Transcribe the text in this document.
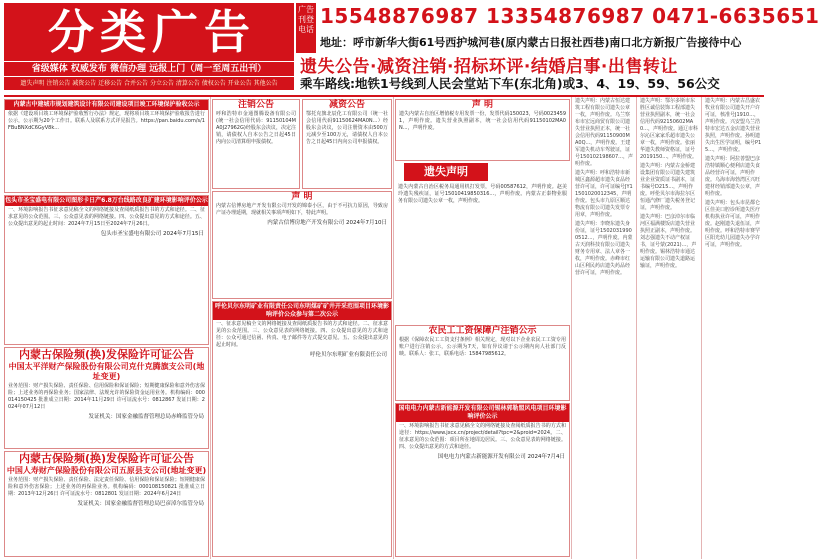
分类广告
省级媒体 权威发布 微信办理 远报上门（周一至周五出刊）
遗失声明 注销公告 减资公告 迁移公告 合并公告 分立公告 清算公告 债权公告 开业公告 其他公告
广告刊登电话
15548876987 13354876987 0471-6635651
地址：呼市新华大街61号西护城河巷(原内蒙古日报社西巷)南口北方新报广告接待中心
遗失公告·减资注销·招标环评·结婚启事·出售转让
乘车路线:地铁1号线到人民会堂站下车(东北角)或3、4、19、59、56公交
内蒙古中建城市规划建筑设计有限公司建设项目竣工环境保护验收公示
依据《建设项目竣工环境保护验收暂行办法》规定，现将项目竣工环境保护验收报告进行公示，公示期为20个工作日。联系人及联系方式详见报告。https://pan.baidu.com/s/1FBuBNXdC6GyV8k...
包头市圣宝盛电有限公司图形卡日产6.8万台线路改良扩建环境影响评价公示
一、环境影响报告书征求意见稿全文的网络链接及查阅纸质报告书的方式和途径。二、征求意见的公众范围。三、公众意见表的网络链接。四、公众提出意见的方式和途径。五、公众提出意见的起止时间：2024年7月15日至2024年7月26日。
包头市圣宝盛电有限公司 2024年7月15日
内蒙古保险频(换)发保险许可证公告
中国太平洋财产保险股份有限公司克什克腾旗支公司(地址变更)
业务范围：财产损失保险、责任保险、信用保险和保证保险；短期健康保险和意外伤害保险；上述业务的再保险业务；国家法律、法规允许的保险资金运用业务。机构编码：000014150425 批准成立日期：2014年11月29日 许可证流水号：0812867 发证日期：2024年07月12日
发证机关：国家金融监督管理总局赤峰监管分局
内蒙古保险频(换)发保险许可证公告
中国人寿财产保险股份有限公司五原县支公司(地址变更)
业务范围：财产损失保险、责任保险、法定责任保险、信用保险和保证保险；短期健康保险和意外伤害保险；上述业务的再保险业务。机构编码：000108150821 批准成立日期：2013年12月26日 许可证流水号：0812801 发证日期：2024年6月24日
发证机关：国家金融监督管理总局巴彦淖尔监管分局
注销公告
呼和浩特市金通图腾设备有限公司(统一社会信用代码：91150104MA0J27962G)经股东会决议，决定注销，请债权人自本公告之日起45日内向公司清算组申报债权。
减资公告
鄂托克旗北辰化工有限公司（统一社会信用代码91150624MA0N...）经股东会决议，公司注册资本由500万元减少至100万元，请债权人自本公告之日起45日内向公司申报债权。
声 明
内蒙古信博房地产开发有限公司开发的锦泰小区，由于不可抗力原因，导致房产证办理延期，现就相关事项声明如下，特此声明。
内蒙古信博房地产开发有限公司 2024年7月10日
呼伦贝尔东明矿业有限责任公司东明煤矿矿井开采范围项目环境影响评价公众参与第二次公示
一、征求意见稿全文的网络链接及查阅纸质报告书的方式和途径。二、征求意见的公众范围。三、公众意见表的网络链接。四、公众提出意见的方式和途径：公众可通过信函、传真、电子邮件等方式提交意见。五、公众提出意见的起止时间。
呼伦贝尔东明矿业有限责任公司
声 明
遗失内蒙古自治区增值税专用发票一份，发票代码150023，号码00234591，声明作废。遗失营业执照副本，统一社会信用代码91150102MA0N...，声明作废。
遗失内蒙古自治区税务局通用机打发票，号码00587612，声明作废。赵美玲遗失残疾证，证号15010419850316...，声明作废。内蒙古正泰物业服务有限公司遗失公章一枚，声明作废。
农民工工资保障户注销公示
根据《保障农民工工资支付条例》相关规定，现对以下企业农民工工资专用账户进行注销公示，公示期为7天，如有异议请于公示期内向人社部门反映。联系人：张工，联系电话：15847985612。
国电电力内蒙古新能源开发有限公司锡林郭勒盟风电项目环境影响评价公示
一、环境影响报告书征求意见稿全文的网络链接及查阅纸质报告书的方式和途径：https://www.jxcx.cn/project/detail?tpc=2&proid=2024。二、征求意见的公众范围：项目所在地周边居民。三、公众意见表的网络链接。四、公众提出意见的方式和途径。
国电电力内蒙古新能源开发有限公司 2024年7月4日
遗失声明
遗失声明：内蒙古恒达建筑工程有限公司遗失公章一枚，声明作废。乌兰察布市宏远商贸有限公司遗失营业执照正本，统一社会信用代码91150900MA0Q...，声明作废。王建军遗失机动车驾驶证，证号150102198607...，声明作废。
遗失声明：呼和浩特市新城区鑫源超市遗失食品经营许可证，许可证编号JY11501020012345，声明作废。包头市九原区顺达物流有限公司遗失发票专用章，声明作废。
遗失声明：李晓东遗失身份证，证号15020319900512...，声明作废。内蒙古天润科技有限公司遗失财务专用章、法人章各一枚，声明作废。赤峰市红山区利民药店遗失药品经营许可证，声明作废。
遗失声明：鄂尔多斯市东胜区诚信装饰工程部遗失营业执照副本，统一社会信用代码92150602MA0...，声明作废。通辽市科尔沁区家家乐超市遗失公章一枚，声明作废。张丽华遗失教师资格证，证号2019150...，声明作废。
遗失声明：内蒙古金桥建设集团有限公司遗失建筑业企业资质证书副本，证书编号D215...，声明作废。呼伦贝尔市海拉尔区恒通汽修厂遗失税务登记证，声明作废。
遗失声明：巴彦淖尔市临河区福满楼饭店遗失营业执照正副本，声明作废。刘志强遗失不动产权证书，证号蒙(2021)...，声明作废。锡林浩特市通达运输有限公司遗失道路运输证，声明作废。
遗失声明：内蒙古昌盛农牧业有限公司遗失开户许可证，核准号J1910...，声明作废。兴安盟乌兰浩特市宏达五金店遗失营业执照，声明作废。孙明遗失出生医学证明，编号P15...，声明作废。
遗失声明：阿拉善盟巴彦浩特镇顺心便利店遗失食品经营许可证，声明作废。乌海市海勃湾区兴旺建材经销部遗失公章，声明作废。
遗失声明：包头市昆都仑区佳美口腔诊所遗失医疗机构执业许可证，声明作废。赵刚遗失退伍证，声明作废。呼和浩特市赛罕区阳光幼儿园遗失办学许可证，声明作废。
